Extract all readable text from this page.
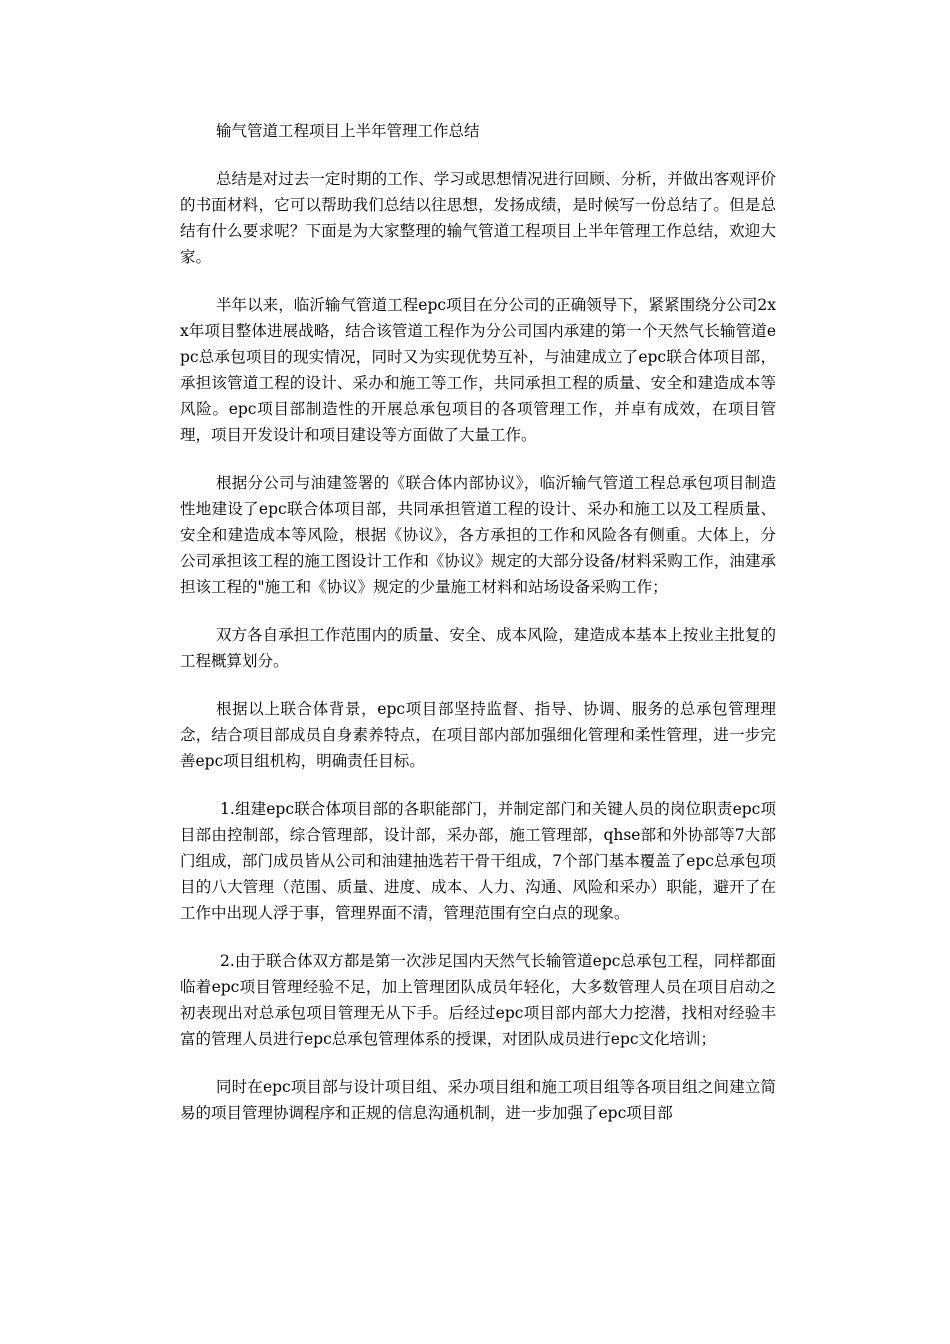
输气管道工程项目上半年管理工作总结

总结是对过去一定时期的工作、学习或思想情况进行回顾、分析，并做出客观评价的书面材料，它可以帮助我们总结以往思想，发扬成绩，是时候写一份总结了。但是总结有什么要求呢？下面是为大家整理的输气管道工程项目上半年管理工作总结，欢迎大家。

半年以来，临沂输气管道工程epc项目在分公司的正确领导下，紧紧围绕分公司2xx年项目整体进展战略，结合该管道工程作为分公司国内承建的第一个天然气长输管道epc总承包项目的现实情况，同时又为实现优势互补，与油建成立了epc联合体项目部，承担该管道工程的设计、采办和施工等工作，共同承担工程的质量、安全和建造成本等风险。epc项目部制造性的开展总承包项目的各项管理工作，并卓有成效，在项目管理，项目开发设计和项目建设等方面做了大量工作。

根据分公司与油建签署的《联合体内部协议》，临沂输气管道工程总承包项目制造性地建设了epc联合体项目部，共同承担管道工程的设计、采办和施工以及工程质量、安全和建造成本等风险，根据《协议》，各方承担的工作和风险各有侧重。大体上，分公司承担该工程的施工图设计工作和《协议》规定的大部分设备/材料采购工作，油建承担该工程的"施工和《协议》规定的少量施工材料和站场设备采购工作；

双方各自承担工作范围内的质量、安全、成本风险，建造成本基本上按业主批复的工程概算划分。

根据以上联合体背景，epc项目部坚持监督、指导、协调、服务的总承包管理理念，结合项目部成员自身素养特点，在项目部内部加强细化管理和柔性管理，进一步完善epc项目组机构，明确责任目标。

1.组建epc联合体项目部的各职能部门，并制定部门和关键人员的岗位职责epc项目部由控制部，综合管理部，设计部，采办部，施工管理部，qhse部和外协部等7大部门组成，部门成员皆从公司和油建抽选若干骨干组成，7个部门基本覆盖了epc总承包项目的八大管理（范围、质量、进度、成本、人力、沟通、风险和采办）职能，避开了在工作中出现人浮于事，管理界面不清，管理范围有空白点的现象。

2.由于联合体双方都是第一次涉足国内天然气长输管道epc总承包工程，同样都面临着epc项目管理经验不足，加上管理团队成员年轻化，大多数管理人员在项目启动之初表现出对总承包项目管理无从下手。后经过epc项目部内部大力挖潜，找相对经验丰富的管理人员进行epc总承包管理体系的授课，对团队成员进行epc文化培训；

同时在epc项目部与设计项目组、采办项目组和施工项目组等各项目组之间建立简易的项目管理协调程序和正规的信息沟通机制，进一步加强了epc项目部
